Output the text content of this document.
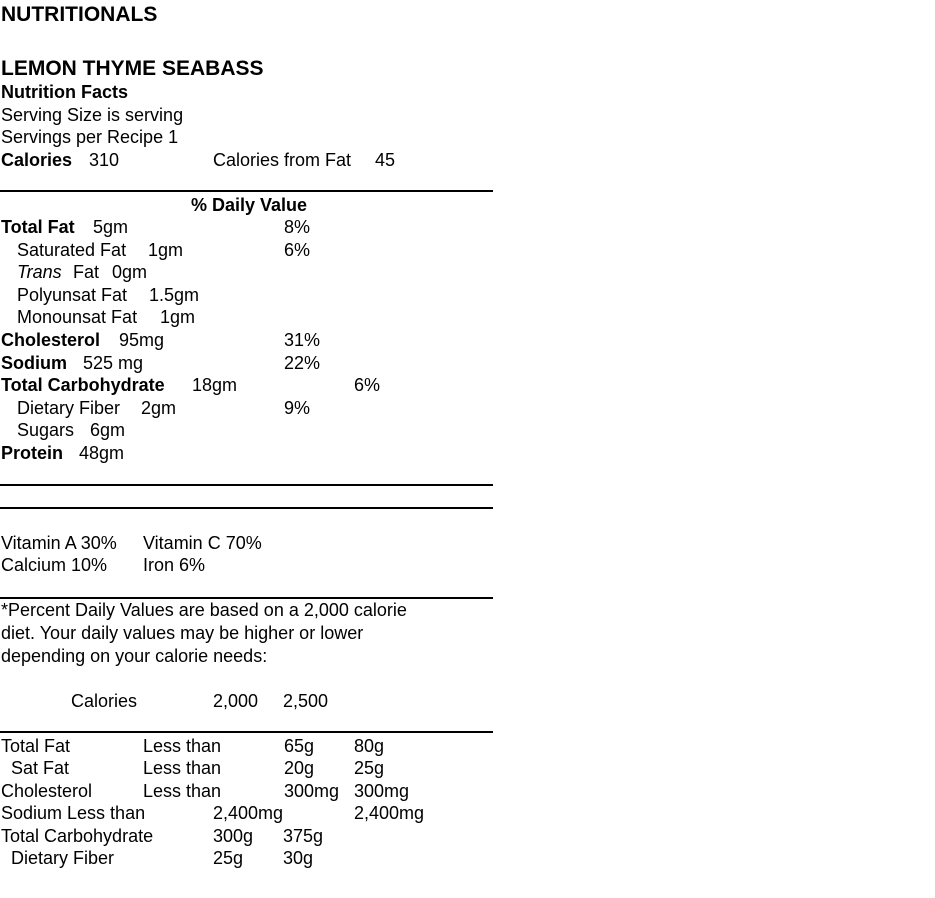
NUTRITIONALS
LEMON THYME SEABASS
Nutrition Facts
Serving Size is serving
Servings per Recipe 1
Calories 310	Calories from Fat 45
% Daily Value
Total Fat 5gm	8%
Saturated Fat 1gm	6%
Trans Fat 0gm
Polyunsat Fat 1.5gm
Monounsat Fat 1gm
Cholesterol 95mg	31%
Sodium 525 mg	22%
Total Carbohydrate 18gm	6%
Dietary Fiber 2gm	9%
Sugars 6gm
Protein 48gm
Vitamin A 30% Vitamin C 70%
Calcium 10% Iron 6%
*Percent Daily Values are based on a 2,000 calorie
diet. Your daily values may be higher or lower
depending on your calorie needs:
Calories	2,000 2,500
Total Fat	Less than	65g 80g
Sat Fat	Less than	20g 25g
Cholesterol	Less than	300mg 300mg
Sodium Less than	2,400mg	2,400mg
Total Carbohydrate	300g 375g
Dietary Fiber	25g 30g
